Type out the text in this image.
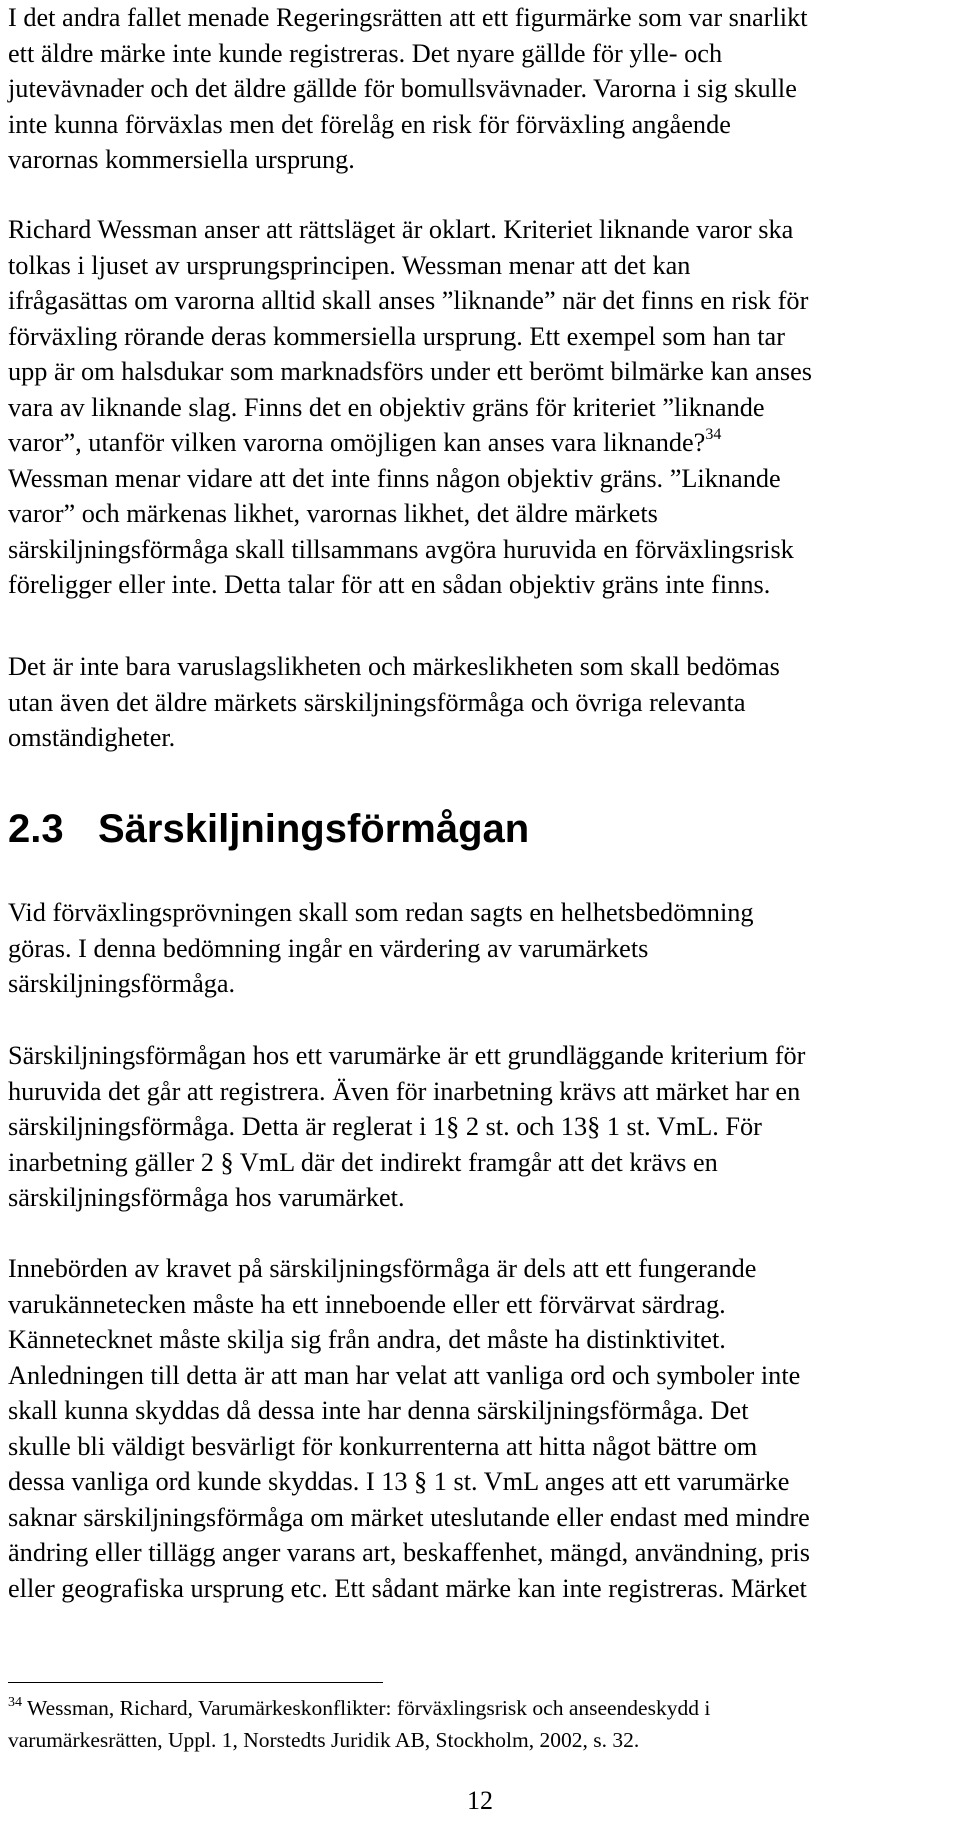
I det andra fallet menade Regeringsrätten att ett figurmärke som var snarlikt
ett äldre märke inte kunde registreras. Det nyare gällde för ylle- och
jutevävnader och det äldre gällde för bomullsvävnader. Varorna i sig skulle
inte kunna förväxlas men det förelåg en risk för förväxling angående
varornas kommersiella ursprung.

Richard Wessman anser att rättsläget är oklart. Kriteriet liknande varor ska
tolkas i ljuset av ursprungsprincipen. Wessman menar att det kan
ifrågasättas om varorna alltid skall anses ”liknande” när det finns en risk för
förväxling rörande deras kommersiella ursprung. Ett exempel som han tar
upp är om halsdukar som marknadsförs under ett berömt bilmärke kan anses
vara av liknande slag. Finns det en objektiv gräns för kriteriet ”liknande
varor”, utanför vilken varorna omöjligen kan anses vara liknande?$^{34}$
Wessman menar vidare att det inte finns någon objektiv gräns. ”Liknande
varor” och märkenas likhet, varornas likhet, det äldre märkets
särskiljningsförmåga skall tillsammans avgöra huruvida en förväxlingsrisk
föreligger eller inte. Detta talar för att en sådan objektiv gräns inte finns.

Det är inte bara varuslagslikheten och märkeslikheten som skall bedömas
utan även det äldre märkets särskiljningsförmåga och övriga relevanta
omständigheter.

2.3 Särskiljningsförmågan

Vid förväxlingsprövningen skall som redan sagts en helhetsbedömning
göras. I denna bedömning ingår en värdering av varumärkets
särskiljningsförmåga.

Särskiljningsförmågan hos ett varumärke är ett grundläggande kriterium för
huruvida det går att registrera. Även för inarbetning krävs att märket har en
särskiljningsförmåga. Detta är reglerat i 1§ 2 st. och 13§ 1 st. VmL. För
inarbetning gäller 2 § VmL där det indirekt framgår att det krävs en
särskiljningsförmåga hos varumärket.

Innebörden av kravet på särskiljningsförmåga är dels att ett fungerande
varukännetecken måste ha ett inneboende eller ett förvärvat särdrag.
Kännetecknet måste skilja sig från andra, det måste ha distinktivitet.
Anledningen till detta är att man har velat att vanliga ord och symboler inte
skall kunna skyddas då dessa inte har denna särskiljningsförmåga. Det
skulle bli väldigt besvärligt för konkurrenterna att hitta något bättre om
dessa vanliga ord kunde skyddas. I 13 § 1 st. VmL anges att ett varumärke
saknar särskiljningsförmåga om märket uteslutande eller endast med mindre
ändring eller tillägg anger varans art, beskaffenhet, mängd, användning, pris
eller geografiska ursprung etc. Ett sådant märke kan inte registreras. Märket

$^{34}$ Wessman, Richard, Varumärkeskonflikter: förväxlingsrisk och anseendeskydd i
varumärkesrätten, Uppl. 1, Norstedts Juridik AB, Stockholm, 2002, s. 32.

12
